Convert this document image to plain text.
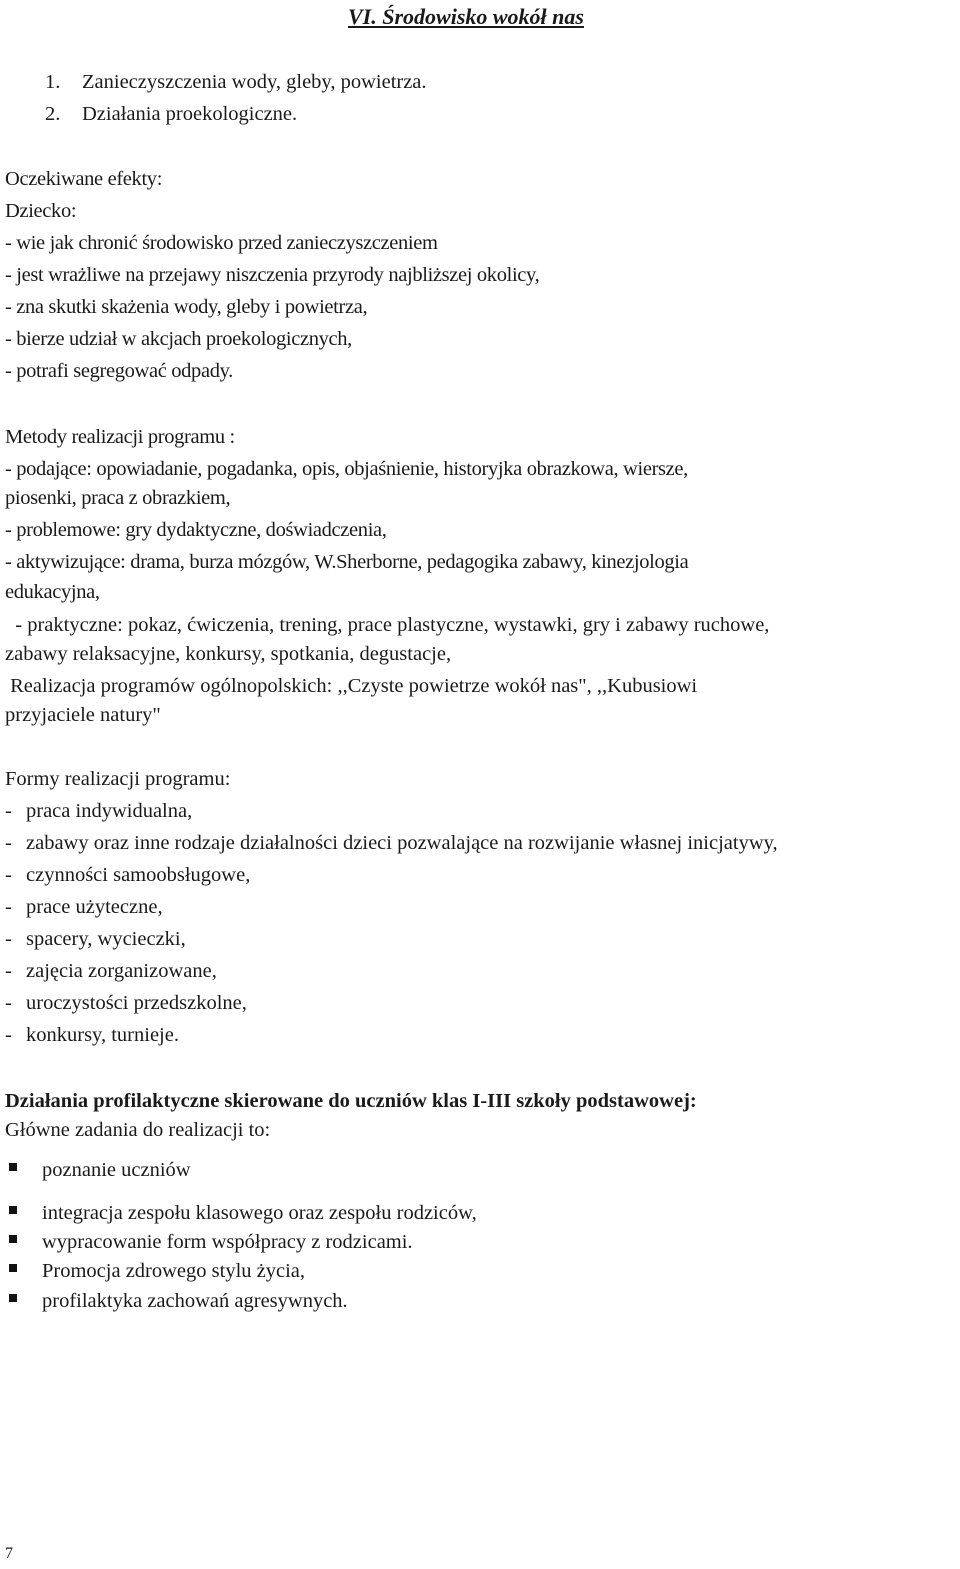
VI. Środowisko wokół nas
1. Zanieczyszczenia wody, gleby, powietrza.
2. Działania proekologiczne.
Oczekiwane efekty:
Dziecko:
- wie jak chronić środowisko przed zanieczyszczeniem
- jest wrażliwe na przejawy niszczenia przyrody najbliższej okolicy,
- zna skutki skażenia wody, gleby i powietrza,
- bierze udział w akcjach proekologicznych,
- potrafi segregować odpady.
Metody realizacji programu :
- podające: opowiadanie, pogadanka, opis, objaśnienie, historyjka obrazkowa, wiersze,
piosenki, praca z obrazkiem,
- problemowe: gry dydaktyczne, doświadczenia,
- aktywizujące: drama, burza mózgów, W.Sherborne, pedagogika zabawy, kinezjologia
edukacyjna,
- praktyczne: pokaz, ćwiczenia, trening, prace plastyczne, wystawki, gry i zabawy ruchowe,
zabawy relaksacyjne, konkursy, spotkania, degustacje,
Realizacja programów ogólnopolskich: ,,Czyste powietrze wokół nas", ,,Kubusiowi
przyjaciele natury"
Formy realizacji programu:
- praca indywidualna,
- zabawy oraz inne rodzaje działalności dzieci pozwalające na rozwijanie własnej inicjatywy,
- czynności samoobsługowe,
- prace użyteczne,
- spacery, wycieczki,
- zajęcia zorganizowane,
- uroczystości przedszkolne,
- konkursy, turnieje.
Działania profilaktyczne skierowane do uczniów klas I-III szkoły podstawowej:
Główne zadania do realizacji to:
poznanie uczniów
integracja zespołu klasowego oraz zespołu rodziców,
wypracowanie form współpracy z rodzicami.
Promocja zdrowego stylu życia,
profilaktyka zachowań agresywnych.
7
